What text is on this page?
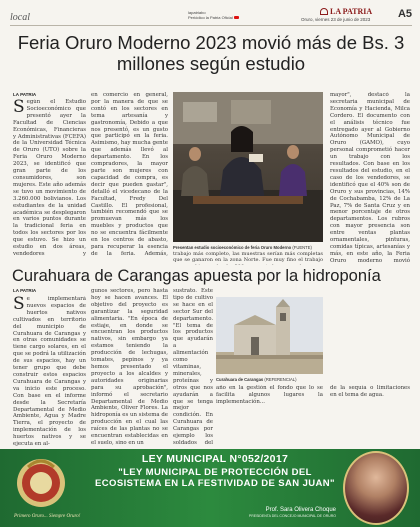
local	lapatriabo
Periódico la Patria Oficial
LA PATRIA
Oruro, viernes 23 de junio de 2023	A5
Feria Oruro Moderno 2023 movió más de Bs. 3 millones según estudio
LA PATRIA
Según el Estudio Socioeconómico que presentó ayer la Facultad de Ciencias Económicas, Financieras y Administrativas (FCEFA) de la Universidad Técnica de Oruro (UTO) sobre la Feria Oruro Moderno 2023, se identificó que gran parte de los consumidores, son mujeres. Este año además se tuvo un movimiento de 3.260.000 bolivianos. Los estudiantes de la unidad académica se desplegaron en varios puntos durante la tradicional feria en todos los sectores por los que estuvo. Se hizo un estudio en dos áreas, vendedores y
en comercio en general, por la manera de que se contó en los sectores en tema artesanía y gastronomía, Debido a que nos presentó, es un gusto que participó en la feria. Asimismo, hay mucha gente que además llevó al departamento. En los compradores, la mayor parte son mujeres con capacidad de compra, es decir que pueden gastar", detalló el vicedecano de la Facultad, Fredy Del Castillo. El profesional, también recomendó que se promuevan más los muebles y productos que no se encuentra fácilmente en los centros de abasto, para recuperar la esencia de la feria. Además,
Presentan estudio socioeconómico de feria Oruro Moderno (FUENTE)
trabajo más completo, las muestras serían más completas que se ganaron en la zona Norte. Fue muy fino el trabajo
mayor", destacó la secretaria municipal de Economía y Hacienda, Milca Cordero. El documento con el análisis técnico fue entregado ayer al Gobierno Autónomo Municipal de Oruro (GAMO), cuyo personal comprometió hacer un trabajo con los resultados. Con base en los resultados del estudio, en el caso de los vendedores, se identificó que el 40% son de Oruro y sus provincias, 14% de Cochabamba, 12% de La Paz, 7% de Santa Cruz y en menor porcentaje de otros departamentos. Los rubros con mayor presencia son entre ventas plantas ornamentales, pinturas, comidas típicas, artesanías y más, en este año, la Feria Oruro moderno movió
Curahuara de Carangas apuesta por la hidroponía
LA PATRIA
Se implementará nuevos espacios de huertos nativos cultivados en territorio del municipio de Curahuara de Carangas y en otras comunidades se tiene cargo solares, en el que se podrá la utilización de sus espacios, hay un tener grupo que debe construir estos espacios Curahuara de Carangas y va inicio este proceso. Con base en el informe desde la Secretaría Departamental de Medio Ambiente, Agua y Madre Tierra, el proyecto de implementación de los huertos nativos y se ejecuta en al-
gunos sectores, pero hasta hoy se hacen avances. El objetivo del proyecto es garantizar la seguridad alimentaria. "En época de estiaje, en donde se encuentran los productos nativos, sin embargo ya estamos teniendo la producción de lechugas, tomates, pepinos y ya hemos presentado el proyecto a los alcaldes y autoridades originarias para su aprobación", informó el secretario Departamental de Medio Ambiente, Oliver Flores. La hidroponía es un sistema de producción en el cual las raíces de las plantas no se encuentran establecidas en el suelo, sino en un
sustrato. Este tipo de cultivo se hace en el sector Sur del departamento. "El tema de los productos que ayudarán a alimentación como vitaminas, minerales, proteínas y otros que nos ayudarán a que se tenga mejor condición. En Curahuara de Carangas por ejemplo los soldados del
Curahuara de Carangas (REFERENCIAL)
año en la gestión el fondo que lo se facilita algunos lugares la implementación...
de la sequía o limitaciones en el tema de agua.
LEY MUNICIPAL N°052/2017
"LEY MUNICIPAL DE PROTECCIÓN DEL
ECOSISTEMA EN LA FESTIVIDAD DE SAN JUAN"
Primero Oruro... Siempre Oruro!
Prof. Sara Olivera Choque
PRESIDENTA DEL CONCEJO MUNICIPAL DE ORURO
